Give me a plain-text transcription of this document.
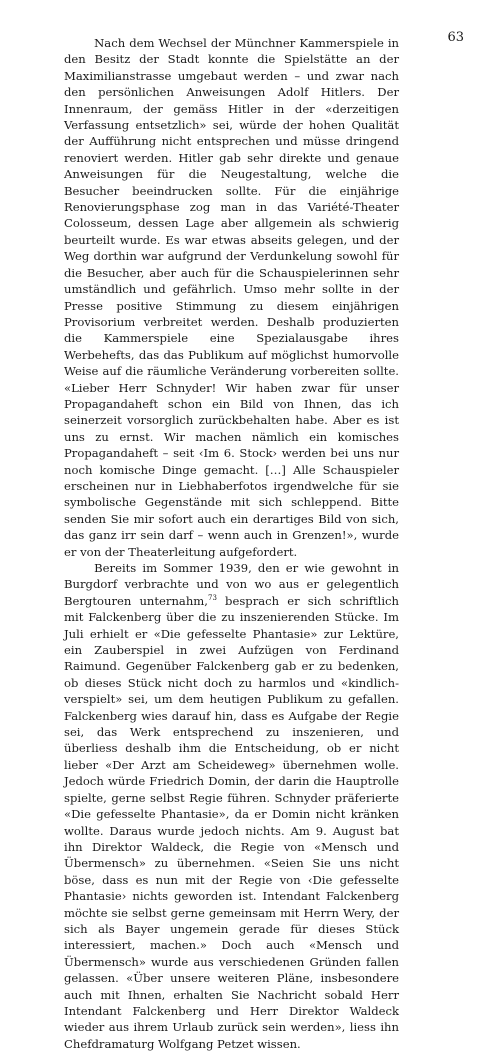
63

Nach dem Wechsel der Münchner Kammerspiele in den Besitz der Stadt konnte die Spielstätte an der Maximilianstrasse umgebaut werden – und zwar nach den persönlichen Anweisungen Adolf Hitlers. Der Innenraum, der gemäss Hitler in der «derzeitigen Verfassung entsetzlich» sei, würde der hohen Qualität der Aufführung nicht entsprechen und müsse dringend renoviert werden. Hitler gab sehr direkte und genaue Anweisungen für die Neugestaltung, welche die Besucher beeindrucken sollte. Für die einjährige Renovierungsphase zog man in das Variété-Theater Colosseum, dessen Lage aber allgemein als schwierig beurteilt wurde. Es war etwas abseits gelegen, und der Weg dorthin war aufgrund der Verdunkelung sowohl für die Besucher, aber auch für die Schauspielerinnen sehr umständlich und gefährlich. Umso mehr sollte in der Presse positive Stimmung zu diesem einjährigen Provisorium verbreitet werden. Deshalb produzierten die Kammerspiele eine Spezialausgabe ihres Werbehefts, das das Publikum auf möglichst humorvolle Weise auf die räumliche Veränderung vorbereiten sollte. «Lieber Herr Schnyder! Wir haben zwar für unser Propagandaheft schon ein Bild von Ihnen, das ich seinerzeit vorsorglich zurückbehalten habe. Aber es ist uns zu ernst. Wir machen nämlich ein komisches Propagandaheft – seit ‹Im 6. Stock› werden bei uns nur noch komische Dinge gemacht. […] Alle Schauspieler erscheinen nur in Liebhaberfotos irgendwelche für sie symbolische Gegenstände mit sich schleppend. Bitte senden Sie mir sofort auch ein derartiges Bild von sich, das ganz irr sein darf – wenn auch in Grenzen!», wurde er von der Theaterleitung aufgefordert.

Bereits im Sommer 1939, den er wie gewohnt in Burgdorf verbrachte und von wo aus er gelegentlich Bergtouren unternahm,$^{73}$ besprach er sich schriftlich mit Falckenberg über die zu inszenierenden Stücke. Im Juli erhielt er «Die gefesselte Phantasie» zur Lektüre, ein Zauberspiel in zwei Aufzügen von Ferdinand Raimund. Gegenüber Falckenberg gab er zu bedenken, ob dieses Stück nicht doch zu harmlos und «kindlich-verspielt» sei, um dem heutigen Publikum zu gefallen. Falckenberg wies darauf hin, dass es Aufgabe der Regie sei, das Werk entsprechend zu inszenieren, und überliess deshalb ihm die Entscheidung, ob er nicht lieber «Der Arzt am Scheideweg» übernehmen wolle. Jedoch würde Friedrich Domin, der darin die Hauptrolle spielte, gerne selbst Regie führen. Schnyder präferierte «Die gefesselte Phantasie», da er Domin nicht kränken wollte. Daraus wurde jedoch nichts. Am 9. August bat ihn Direktor Waldeck, die Regie von «Mensch und Übermensch» zu übernehmen. «Seien Sie uns nicht böse, dass es nun mit der Regie von ‹Die gefesselte Phantasie› nichts geworden ist. Intendant Falckenberg möchte sie selbst gerne gemeinsam mit Herrn Wery, der sich als Bayer ungemein gerade für dieses Stück interessiert, machen.» Doch auch «Mensch und Übermensch» wurde aus verschiedenen Gründen fallen gelassen. «Über unsere weiteren Pläne, insbesondere auch mit Ihnen, erhalten Sie Nachricht sobald Herr Intendant Falckenberg und Herr Direktor Waldeck wieder aus ihrem Urlaub zurück sein werden», liess ihn Chefdramaturg Wolfgang Petzet wissen.
